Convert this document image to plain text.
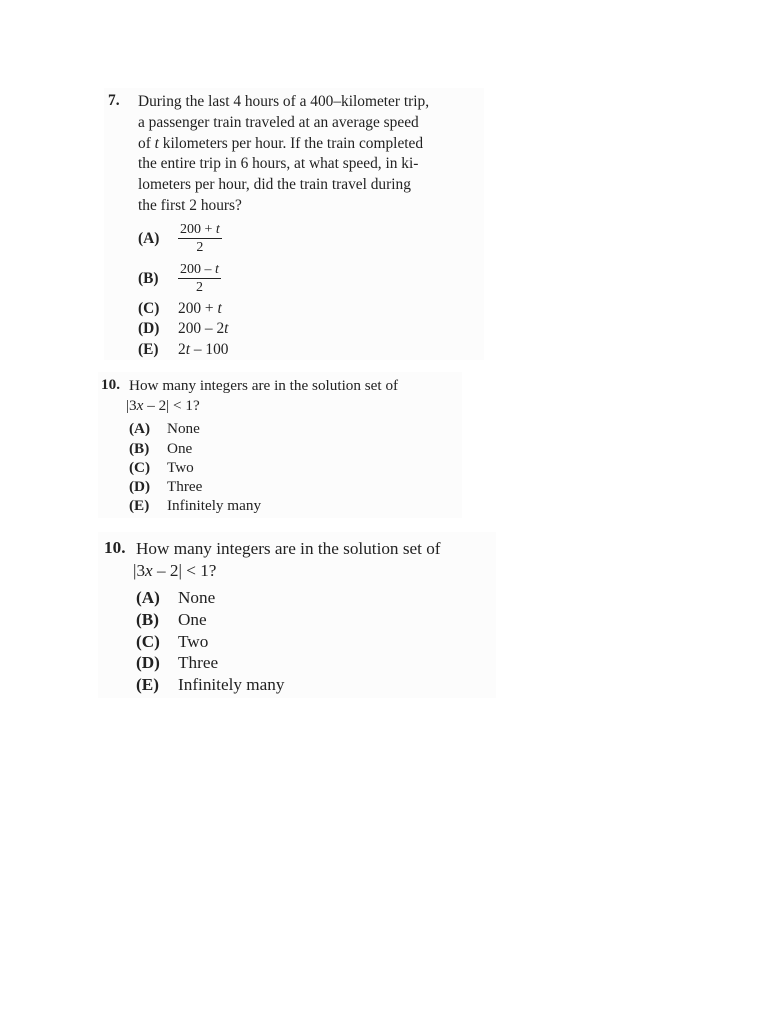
7. During the last 4 hours of a 400–kilometer trip,
a passenger train traveled at an average speed
of t kilometers per hour. If the train completed
the entire trip in 6 hours, at what speed, in ki-
lometers per hour, did the train travel during
the first 2 hours?
(A)	$\frac{200 + t}{2}$
(B)	$\frac{200 - t}{2}$
(C)	200 + t
(D)	200 – 2t
(E)	2t – 100
10. How many integers are in the solution set of
|3x – 2| < 1?
(A)	None
(B)	One
(C)	Two
(D)	Three
(E)	Infinitely many
10. How many integers are in the solution set of
|3x – 2| < 1?
(A)	None
(B)	One
(C)	Two
(D)	Three
(E)	Infinitely many
